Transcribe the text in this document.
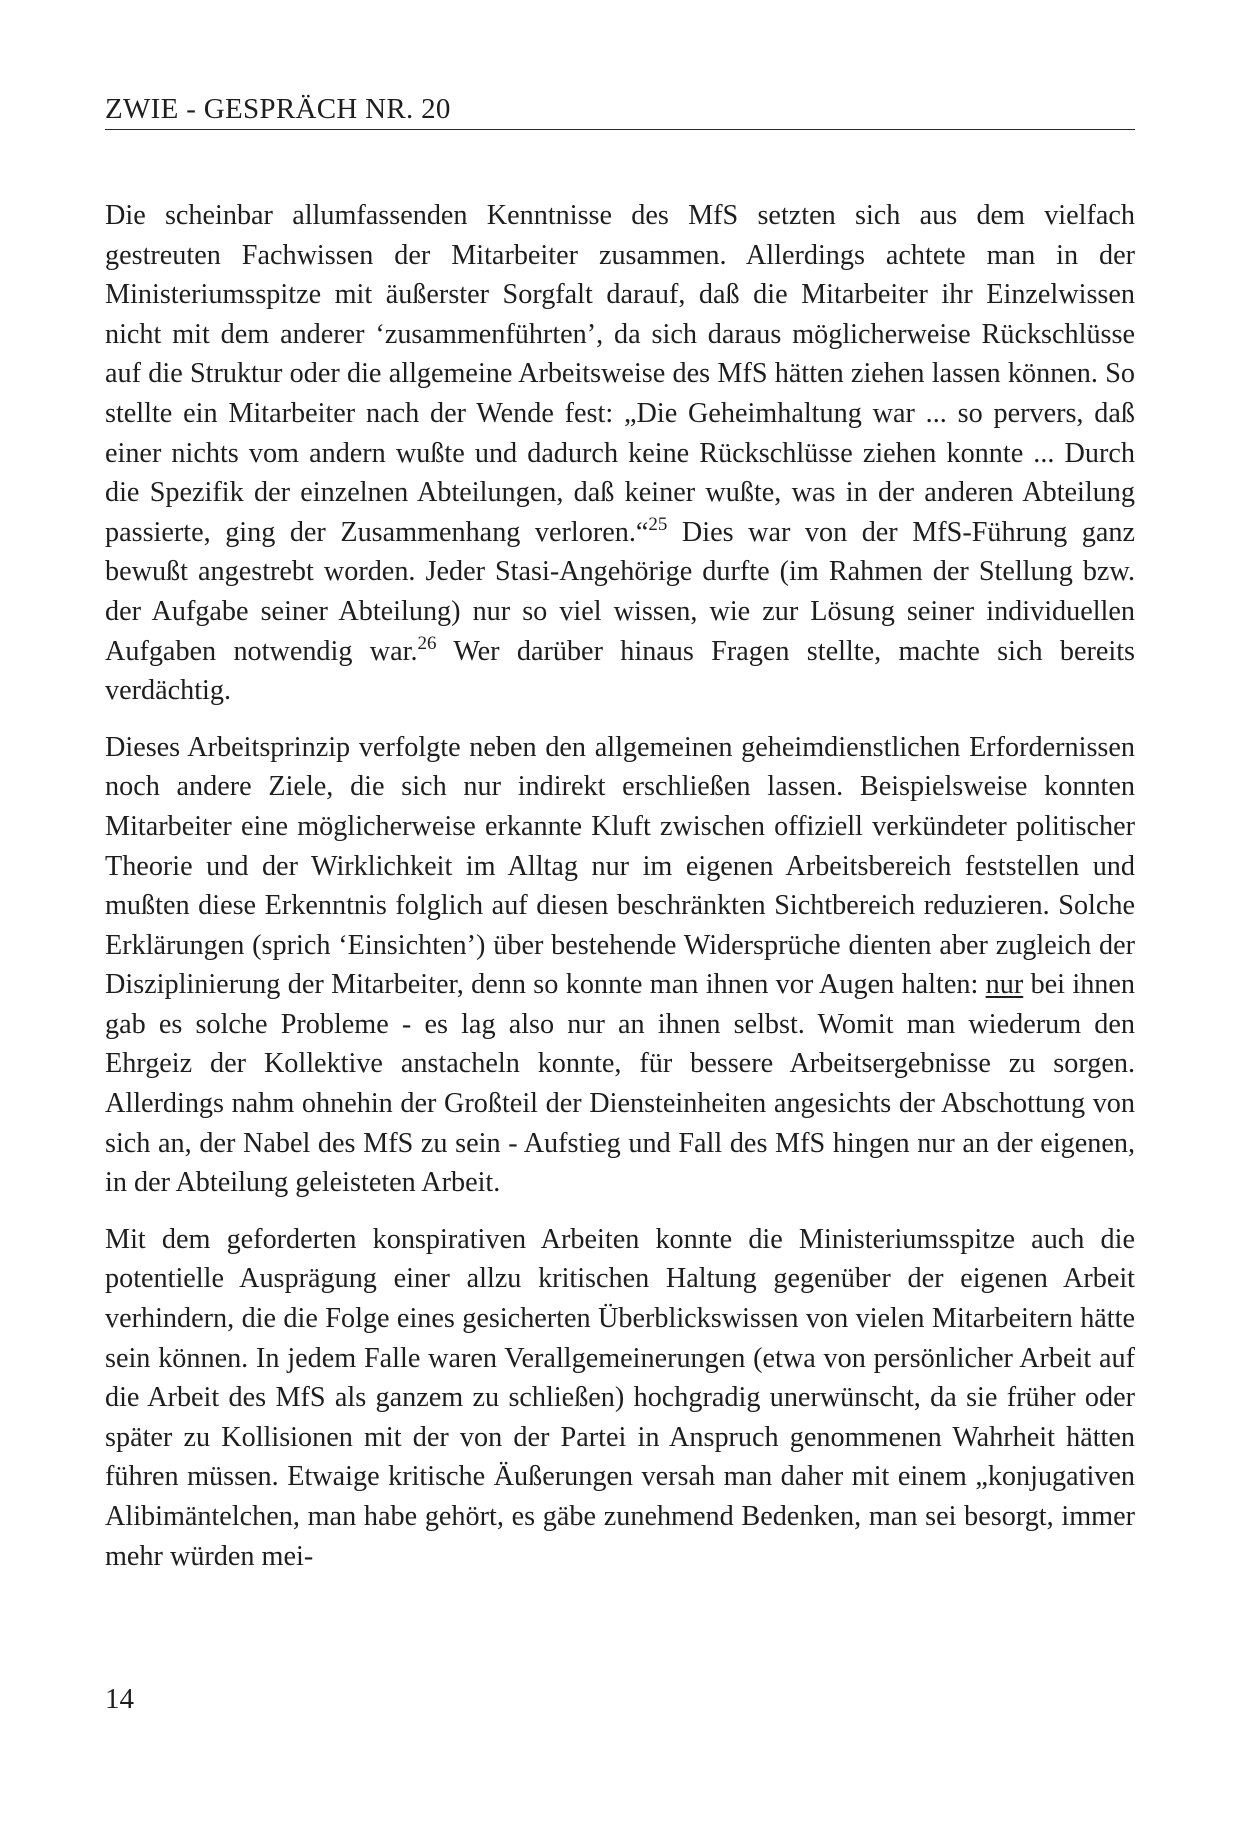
ZWIE - GESPRÄCH NR. 20

Die scheinbar allumfassenden Kenntnisse des MfS setzten sich aus dem vielfach gestreuten Fachwissen der Mitarbeiter zusammen. Allerdings achtete man in der Ministeriumsspitze mit äußerster Sorgfalt darauf, daß die Mitarbeiter ihr Einzelwissen nicht mit dem anderer ‘zusammenführten’, da sich daraus möglicherweise Rückschlüsse auf die Struktur oder die allgemeine Arbeitsweise des MfS hätten ziehen lassen können. So stellte ein Mitarbeiter nach der Wende fest: „Die Geheimhaltung war ... so pervers, daß einer nichts vom andern wußte und dadurch keine Rückschlüsse ziehen konnte ... Durch die Spezifik der einzelnen Abteilungen, daß keiner wußte, was in der anderen Abteilung passierte, ging der Zusammenhang verloren.“$^{25}$ Dies war von der MfS-Führung ganz bewußt angestrebt worden. Jeder Stasi-Angehörige durfte (im Rahmen der Stellung bzw. der Aufgabe seiner Abteilung) nur so viel wissen, wie zur Lösung seiner individuellen Aufgaben notwendig war.$^{26}$ Wer darüber hinaus Fragen stellte, machte sich bereits verdächtig.

Dieses Arbeitsprinzip verfolgte neben den allgemeinen geheimdienstlichen Erfordernissen noch andere Ziele, die sich nur indirekt erschließen lassen. Beispielsweise konnten Mitarbeiter eine möglicherweise erkannte Kluft zwischen offiziell verkündeter politischer Theorie und der Wirklichkeit im Alltag nur im eigenen Arbeitsbereich feststellen und mußten diese Erkenntnis folglich auf diesen beschränkten Sichtbereich reduzieren. Solche Erklärungen (sprich ‘Einsichten’) über bestehende Widersprüche dienten aber zugleich der Disziplinierung der Mitarbeiter, denn so konnte man ihnen vor Augen halten: nur bei ihnen gab es solche Probleme - es lag also nur an ihnen selbst. Womit man wiederum den Ehrgeiz der Kollektive anstacheln konnte, für bessere Arbeitsergebnisse zu sorgen. Allerdings nahm ohnehin der Großteil der Diensteinheiten angesichts der Abschottung von sich an, der Nabel des MfS zu sein - Aufstieg und Fall des MfS hingen nur an der eigenen, in der Abteilung geleisteten Arbeit.

Mit dem geforderten konspirativen Arbeiten konnte die Ministeriumsspitze auch die potentielle Ausprägung einer allzu kritischen Haltung gegenüber der eigenen Arbeit verhindern, die die Folge eines gesicherten Überblickswissen von vielen Mitarbeitern hätte sein können. In jedem Falle waren Verallgemeinerungen (etwa von persönlicher Arbeit auf die Arbeit des MfS als ganzem zu schließen) hochgradig unerwünscht, da sie früher oder später zu Kollisionen mit der von der Partei in Anspruch genommenen Wahrheit hätten führen müssen. Etwaige kritische Äußerungen versah man daher mit einem „konjugativen Alibimäntelchen, man habe gehört, es gäbe zunehmend Bedenken, man sei besorgt, immer mehr würden mei-

14
